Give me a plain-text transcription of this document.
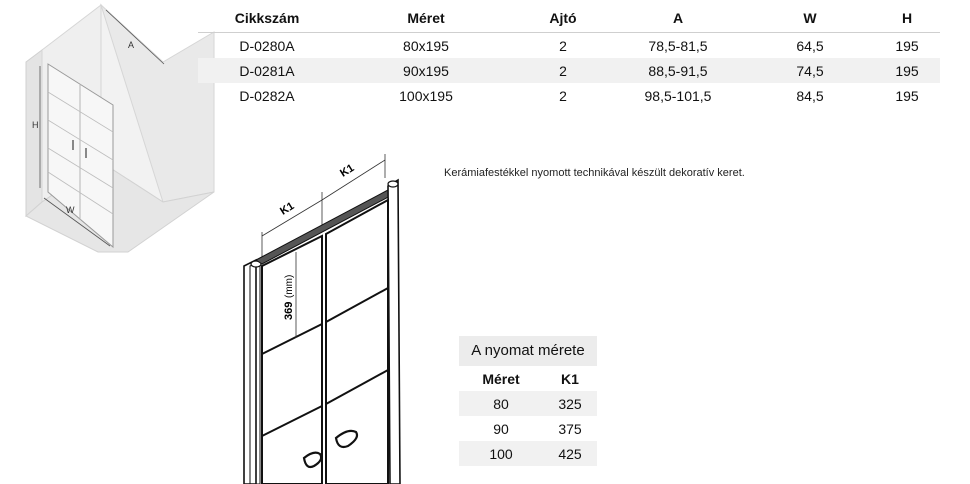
A
H
W
Cikkszám	Méret	Ajtó	A	W	H
D-0280A	80x195	2	78,5-81,5	64,5	195
D-0281A	90x195	2	88,5-91,5	74,5	195
D-0282A	100x195	2	98,5-101,5	84,5	195
K1
K1
369
(mm)
Kerámiafestékkel nyomott technikával készült dekoratív keret.
A nyomat mérete
Méret	K1
80	325
90	375
100	425
